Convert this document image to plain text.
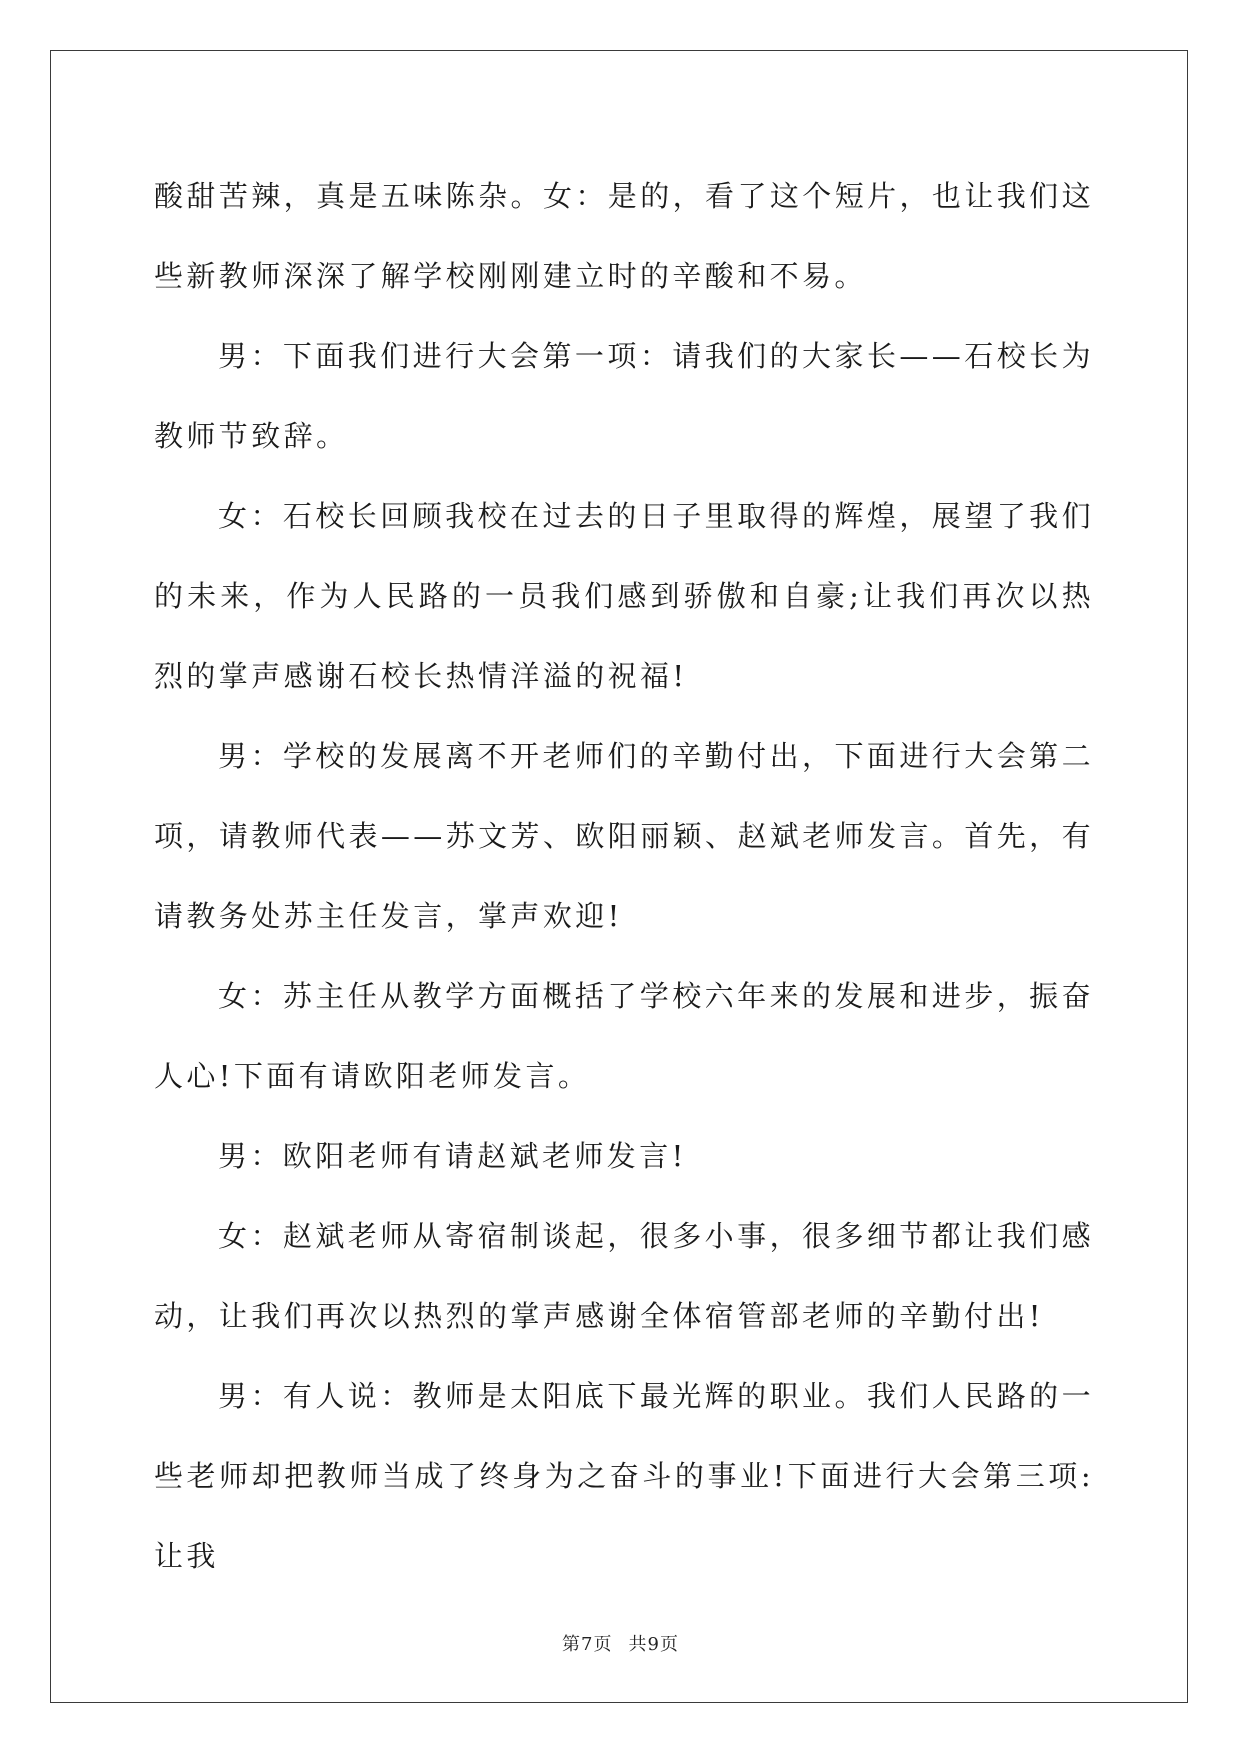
酸甜苦辣，真是五味陈杂。女：是的，看了这个短片，也让我们这些新教师深深了解学校刚刚建立时的辛酸和不易。

男：下面我们进行大会第一项：请我们的大家长——石校长为教师节致辞。

女：石校长回顾我校在过去的日子里取得的辉煌，展望了我们的未来，作为人民路的一员我们感到骄傲和自豪;让我们再次以热烈的掌声感谢石校长热情洋溢的祝福!

男：学校的发展离不开老师们的辛勤付出，下面进行大会第二项，请教师代表——苏文芳、欧阳丽颖、赵斌老师发言。首先，有请教务处苏主任发言，掌声欢迎!

女：苏主任从教学方面概括了学校六年来的发展和进步，振奋人心!下面有请欧阳老师发言。

男：欧阳老师有请赵斌老师发言!

女：赵斌老师从寄宿制谈起，很多小事，很多细节都让我们感动，让我们再次以热烈的掌声感谢全体宿管部老师的辛勤付出!

男：有人说：教师是太阳底下最光辉的职业。我们人民路的一些老师却把教师当成了终身为之奋斗的事业!下面进行大会第三项:让我

第7页 共9页
